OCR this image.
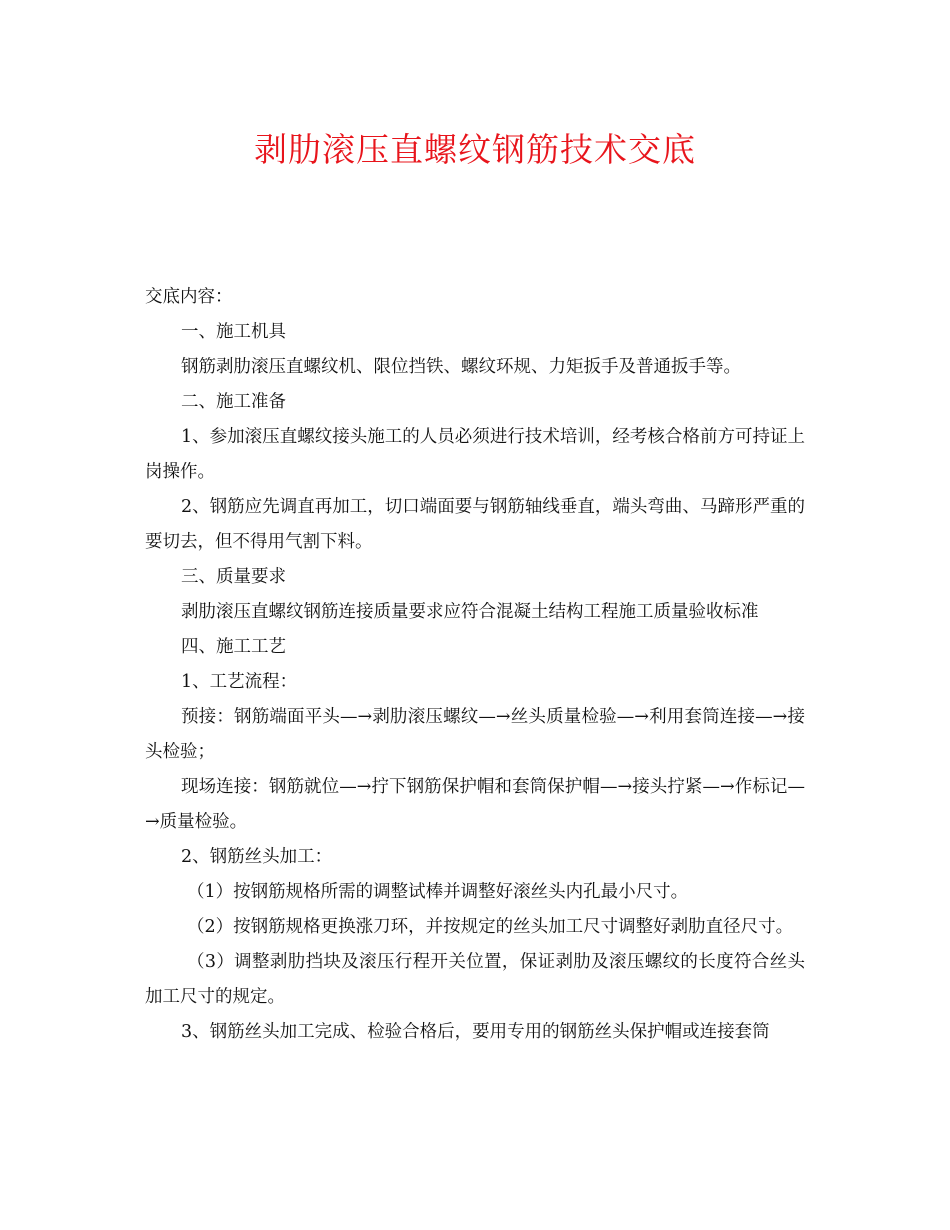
剥肋滚压直螺纹钢筋技术交底

交底内容：

一、施工机具

钢筋剥肋滚压直螺纹机、限位挡铁、螺纹环规、力矩扳手及普通扳手等。

二、施工准备

1、参加滚压直螺纹接头施工的人员必须进行技术培训，经考核合格前方可持证上岗操作。

2、钢筋应先调直再加工，切口端面要与钢筋轴线垂直，端头弯曲、马蹄形严重的要切去，但不得用气割下料。

三、质量要求

剥肋滚压直螺纹钢筋连接质量要求应符合混凝土结构工程施工质量验收标准

四、施工工艺

1、工艺流程：

预接：钢筋端面平头—→剥肋滚压螺纹—→丝头质量检验—→利用套筒连接—→接头检验；

现场连接：钢筋就位—→拧下钢筋保护帽和套筒保护帽—→接头拧紧—→作标记—→质量检验。

2、钢筋丝头加工：

（1）按钢筋规格所需的调整试棒并调整好滚丝头内孔最小尺寸。

（2）按钢筋规格更换涨刀环，并按规定的丝头加工尺寸调整好剥肋直径尺寸。

（3）调整剥肋挡块及滚压行程开关位置，保证剥肋及滚压螺纹的长度符合丝头加工尺寸的规定。

3、钢筋丝头加工完成、检验合格后，要用专用的钢筋丝头保护帽或连接套筒
